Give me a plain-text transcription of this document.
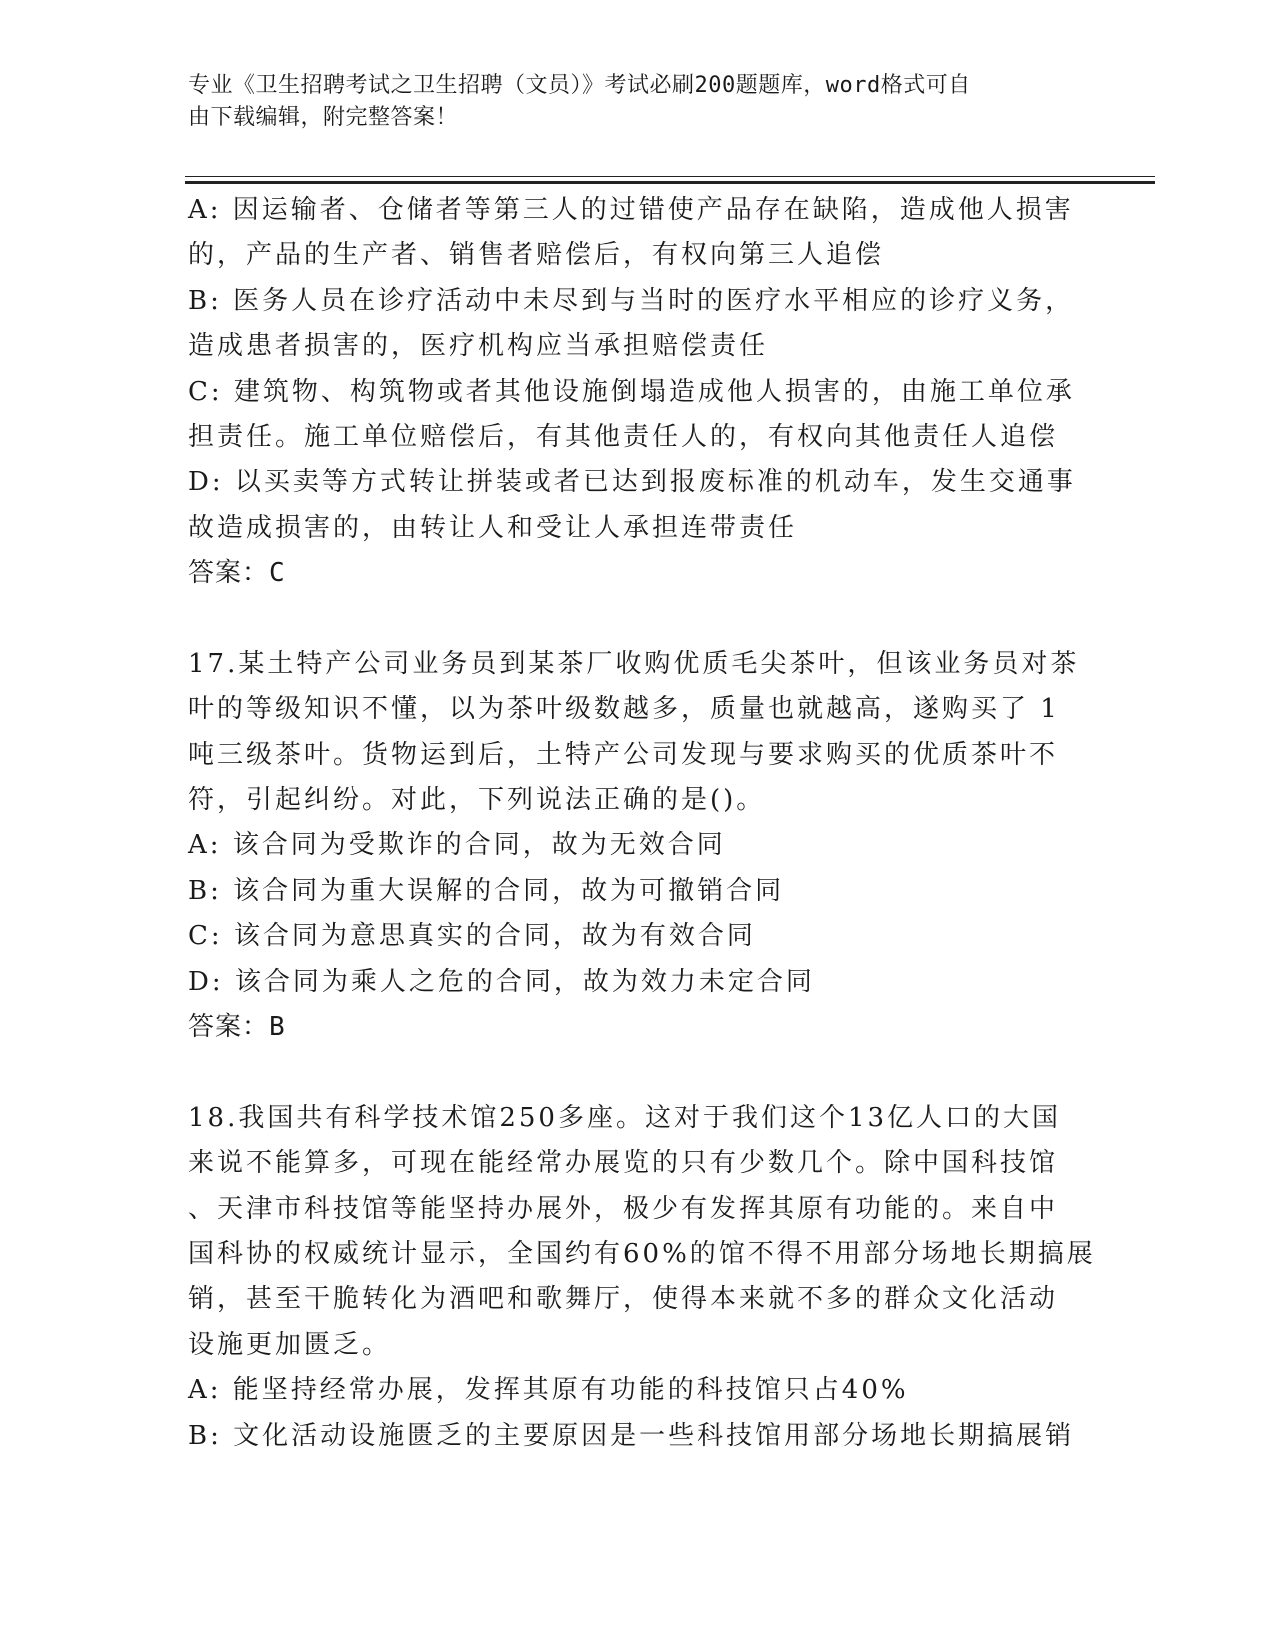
专业《卫生招聘考试之卫生招聘（文员）》考试必刷200题题库，word格式可自
由下载编辑，附完整答案！
A: 因运输者、仓储者等第三人的过错使产品存在缺陷，造成他人损害
的，产品的生产者、销售者赔偿后，有权向第三人追偿
B: 医务人员在诊疗活动中未尽到与当时的医疗水平相应的诊疗义务，
造成患者损害的，医疗机构应当承担赔偿责任
C: 建筑物、构筑物或者其他设施倒塌造成他人损害的，由施工单位承
担责任。施工单位赔偿后，有其他责任人的，有权向其他责任人追偿
D: 以买卖等方式转让拼装或者已达到报废标准的机动车，发生交通事
故造成损害的，由转让人和受让人承担连带责任
答案：C
17.某土特产公司业务员到某茶厂收购优质毛尖茶叶，但该业务员对茶
叶的等级知识不懂，以为茶叶级数越多，质量也就越高，遂购买了 1
吨三级茶叶。货物运到后，土特产公司发现与要求购买的优质茶叶不
符，引起纠纷。对此，下列说法正确的是()。
A: 该合同为受欺诈的合同，故为无效合同
B: 该合同为重大误解的合同，故为可撤销合同
C: 该合同为意思真实的合同，故为有效合同
D: 该合同为乘人之危的合同，故为效力未定合同
答案：B
18.我国共有科学技术馆250多座。这对于我们这个13亿人口的大国
来说不能算多，可现在能经常办展览的只有少数几个。除中国科技馆
、天津市科技馆等能坚持办展外，极少有发挥其原有功能的。来自中
国科协的权威统计显示，全国约有60%的馆不得不用部分场地长期搞展
销，甚至干脆转化为酒吧和歌舞厅，使得本来就不多的群众文化活动
设施更加匮乏。
A: 能坚持经常办展，发挥其原有功能的科技馆只占40%
B: 文化活动设施匮乏的主要原因是一些科技馆用部分场地长期搞展销
